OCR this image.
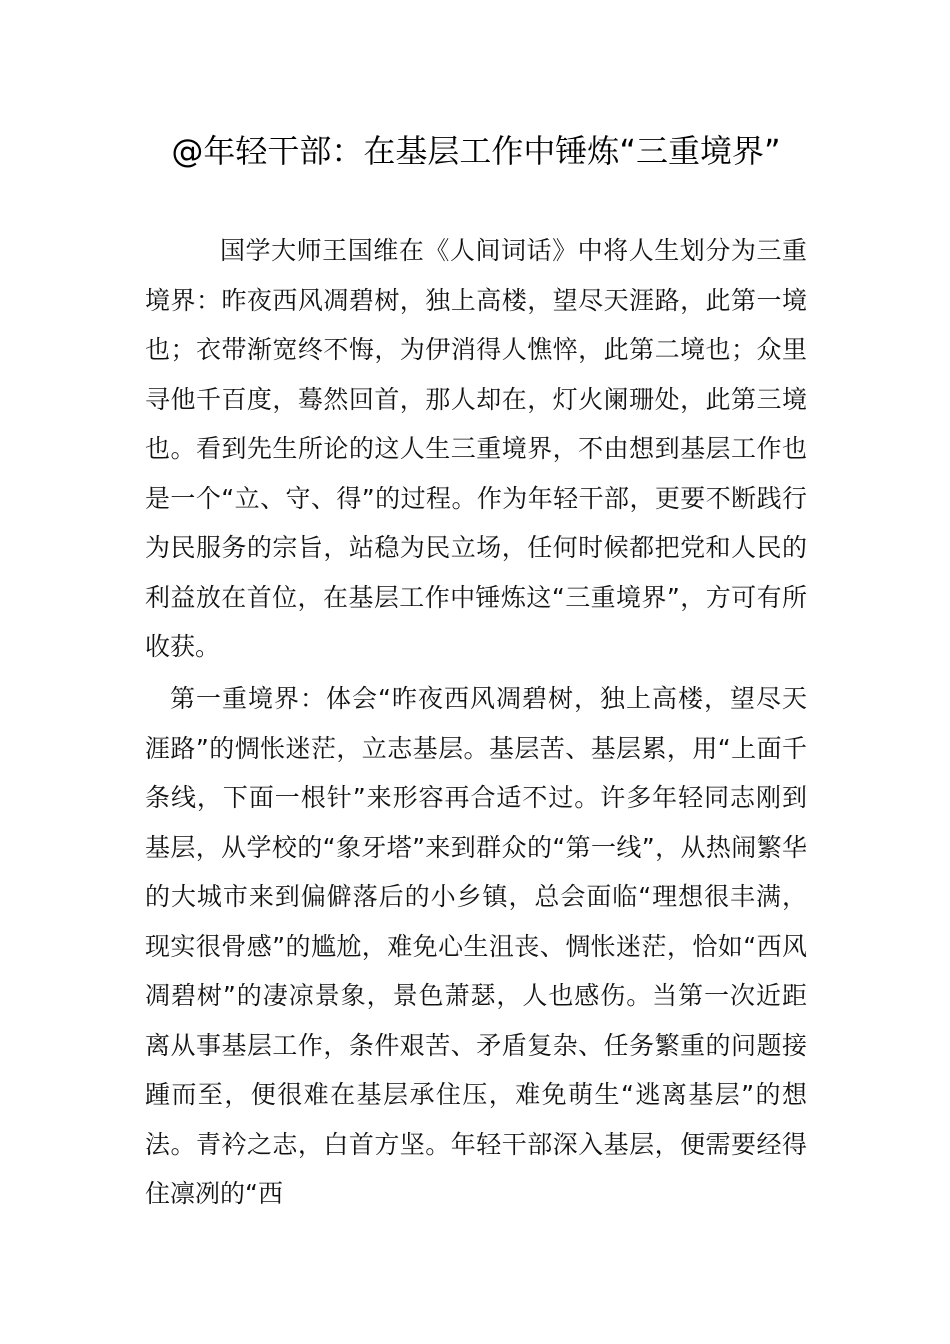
@年轻干部：在基层工作中锤炼“三重境界”

国学大师王国维在《人间词话》中将人生划分为三重境界：昨夜西风凋碧树，独上高楼，望尽天涯路，此第一境也；衣带渐宽终不悔，为伊消得人憔悴，此第二境也；众里寻他千百度，蓦然回首，那人却在，灯火阑珊处，此第三境也。看到先生所论的这人生三重境界，不由想到基层工作也是一个“立、守、得”的过程。作为年轻干部，更要不断践行为民服务的宗旨，站稳为民立场，任何时候都把党和人民的利益放在首位，在基层工作中锤炼这“三重境界”，方可有所收获。

第一重境界：体会“昨夜西风凋碧树，独上高楼，望尽天涯路”的惆怅迷茫，立志基层。基层苦、基层累，用“上面千条线，下面一根针”来形容再合适不过。许多年轻同志刚到基层，从学校的“象牙塔”来到群众的“第一线”，从热闹繁华的大城市来到偏僻落后的小乡镇，总会面临“理想很丰满，现实很骨感”的尴尬，难免心生沮丧、惆怅迷茫，恰如“西风凋碧树”的凄凉景象，景色萧瑟，人也感伤。当第一次近距离从事基层工作，条件艰苦、矛盾复杂、任务繁重的问题接踵而至，便很难在基层承住压，难免萌生“逃离基层”的想法。青衿之志，白首方坚。年轻干部深入基层，便需要经得住凛冽的“西
